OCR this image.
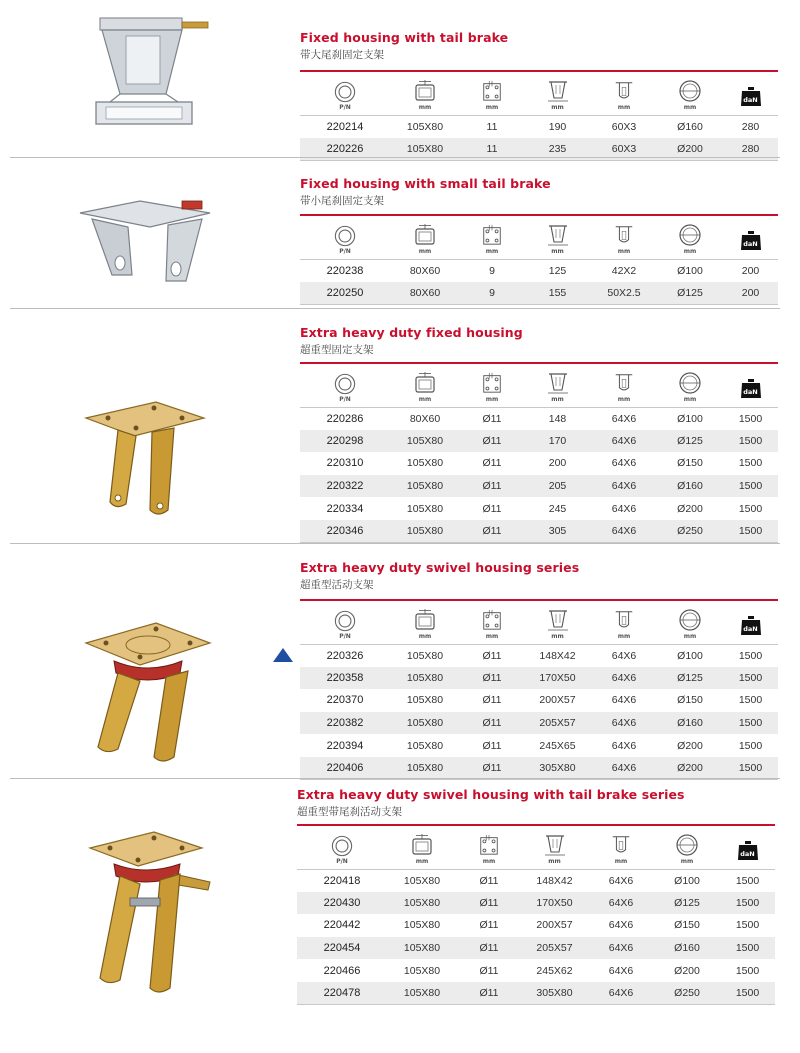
Fixed housing with tail brake
带大尾刹固定支架
P/N	mm	mm	mm	mm	mm	daN

220214	105X80	11	190	60X3	Ø160	280
220226	105X80	11	235	60X3	Ø200	280
Fixed housing with small tail brake
带小尾刹固定支架
P/N	mm	mm	mm	mm	mm	daN

220238	80X60	9	125	42X2	Ø100	200
220250	80X60	9	155	50X2.5	Ø125	200
Extra heavy duty fixed housing
超重型固定支架
P/N	mm	mm	mm	mm	mm	daN

220286	80X60	Ø11	148	64X6	Ø100	1500
220298	105X80	Ø11	170	64X6	Ø125	1500
220310	105X80	Ø11	200	64X6	Ø150	1500
220322	105X80	Ø11	205	64X6	Ø160	1500
220334	105X80	Ø11	245	64X6	Ø200	1500
220346	105X80	Ø11	305	64X6	Ø250	1500
Extra heavy duty swivel housing series
超重型活动支架
P/N	mm	mm	mm	mm	mm	daN

220326	105X80	Ø11	148X42	64X6	Ø100	1500
220358	105X80	Ø11	170X50	64X6	Ø125	1500
220370	105X80	Ø11	200X57	64X6	Ø150	1500
220382	105X80	Ø11	205X57	64X6	Ø160	1500
220394	105X80	Ø11	245X65	64X6	Ø200	1500
220406	105X80	Ø11	305X80	64X6	Ø200	1500
Extra heavy duty swivel housing with tail brake series
超重型带尾刹活动支架
P/N	mm	mm	mm	mm	mm	daN

220418	105X80	Ø11	148X42	64X6	Ø100	1500
220430	105X80	Ø11	170X50	64X6	Ø125	1500
220442	105X80	Ø11	200X57	64X6	Ø150	1500
220454	105X80	Ø11	205X57	64X6	Ø160	1500
220466	105X80	Ø11	245X62	64X6	Ø200	1500
220478	105X80	Ø11	305X80	64X6	Ø250	1500
